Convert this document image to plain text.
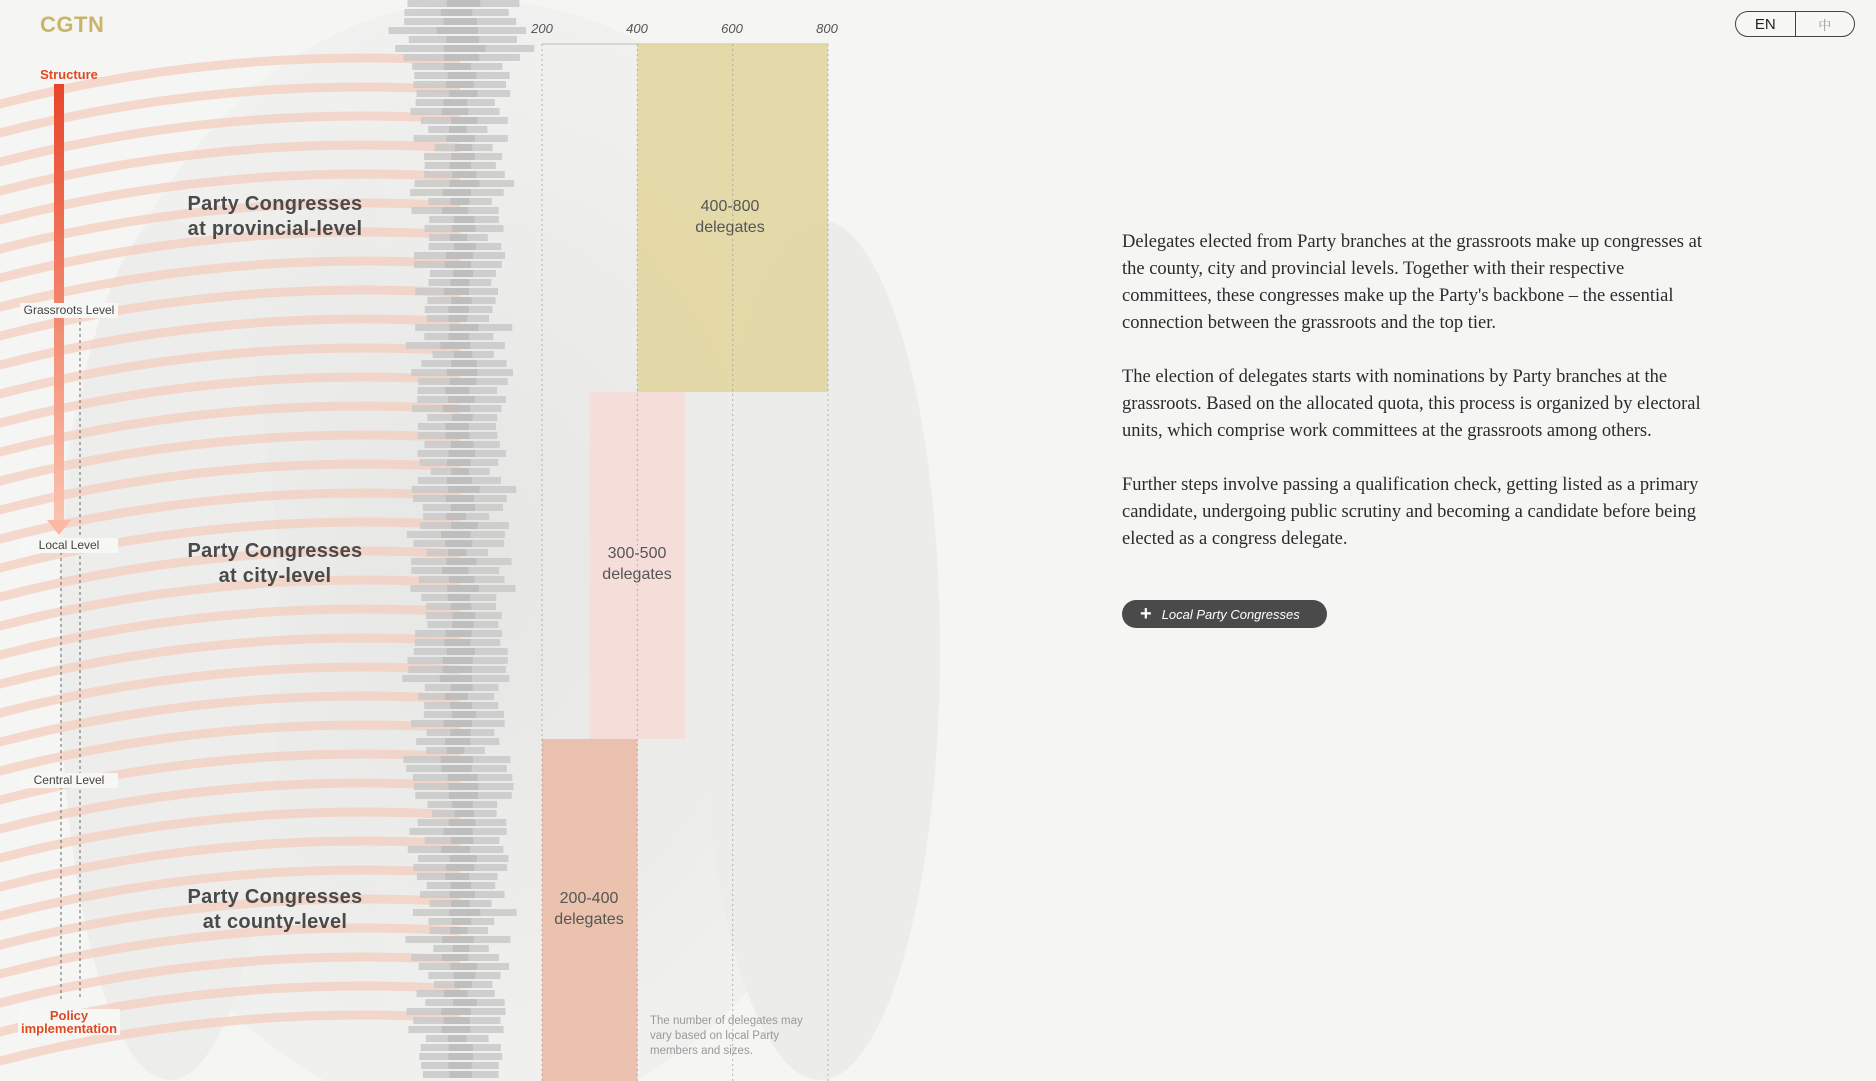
CGTN	EN	中
Structure
Grassroots Level
Local Level
Central Level
Policy
implementation
Party Congresses
at provincial-level
Party Congresses
at city-level
Party Congresses
at county-level
200	400	600	800
400-800
delegates
300-500
delegates
200-400
delegates
The number of delegates may vary based on local Party members and sizes.

Delegates elected from Party branches at the grassroots make up congresses at the county, city and provincial levels. Together with their respective committees, these congresses make up the Party's backbone – the essential connection between the grassroots and the top tier.

The election of delegates starts with nominations by Party branches at the grassroots. Based on the allocated quota, this process is organized by electoral units, which comprise work committees at the grassroots among others.

Further steps involve passing a qualification check, getting listed as a primary candidate, undergoing public scrutiny and becoming a candidate before being elected as a congress delegate.

+ Local Party Congresses
